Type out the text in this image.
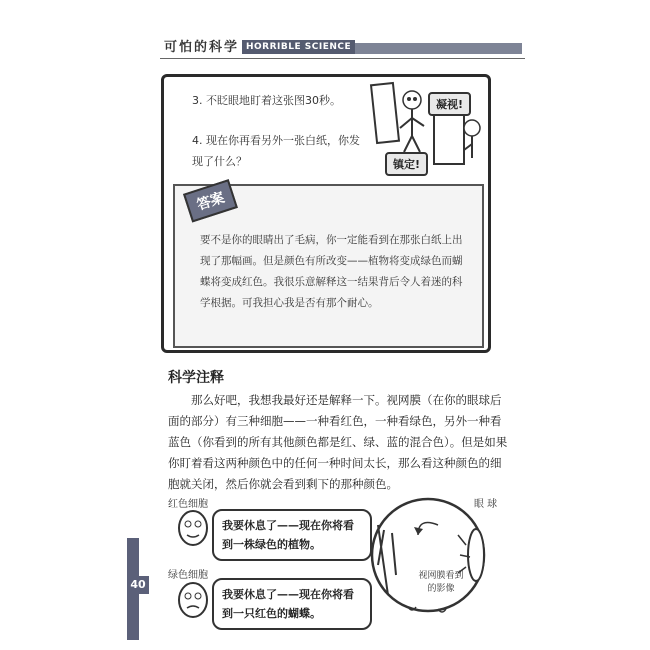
可怕的科学 HORRIBLE SCIENCE
3. 不眨眼地盯着这张图30秒。
4. 现在你再看另外一张白纸，你发现了什么？
凝视!
镇定!
答案
要不是你的眼睛出了毛病，你一定能看到在那张白纸上出现了那幅画。但是颜色有所改变——植物将变成绿色而蝴蝶将变成红色。我很乐意解释这一结果背后令人着迷的科学根据。可我担心我是否有那个耐心。
科学注释
那么好吧，我想我最好还是解释一下。视网膜（在你的眼球后面的部分）有三种细胞——一种看红色，一种看绿色，另外一种看蓝色（你看到的所有其他颜色都是红、绿、蓝的混合色）。但是如果你盯着看这两种颜色中的任何一种时间太长，那么看这种颜色的细胞就关闭，然后你就会看到剩下的那种颜色。
红色细胞
绿色细胞
眼 球
我要休息了——现在你将看到一株绿色的植物。
我要休息了——现在你将看到一只红色的蝴蝶。
视网膜看到的影像
40
